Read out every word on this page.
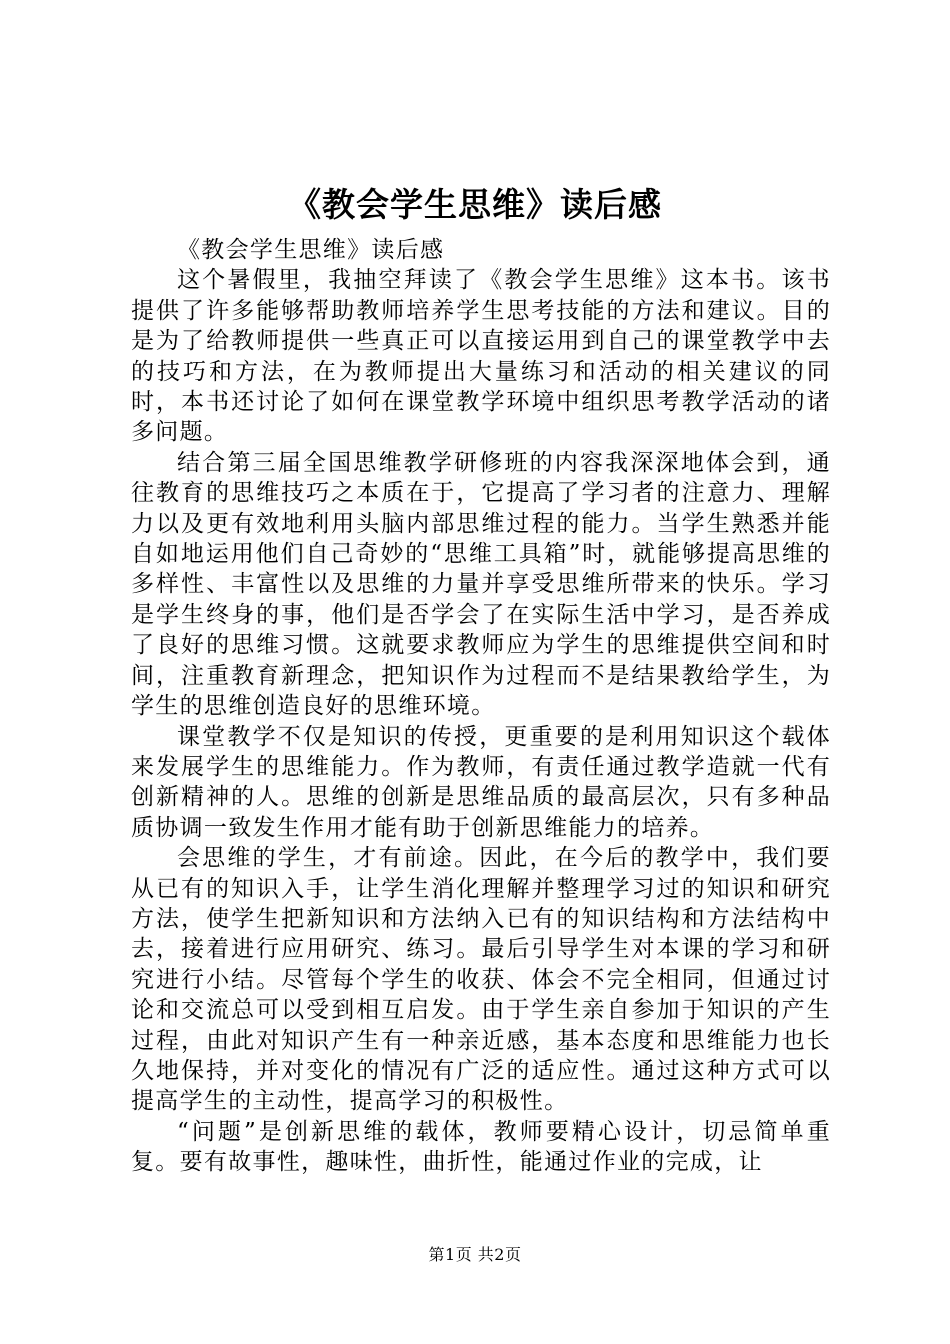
《教会学生思维》读后感

《教会学生思维》读后感

这个暑假里，我抽空拜读了《教会学生思维》这本书。该书提供了许多能够帮助教师培养学生思考技能的方法和建议。目的是为了给教师提供一些真正可以直接运用到自己的课堂教学中去的技巧和方法，在为教师提出大量练习和活动的相关建议的同时，本书还讨论了如何在课堂教学环境中组织思考教学活动的诸多问题。

结合第三届全国思维教学研修班的内容我深深地体会到，通往教育的思维技巧之本质在于，它提高了学习者的注意力、理解力以及更有效地利用头脑内部思维过程的能力。当学生熟悉并能自如地运用他们自己奇妙的“思维工具箱”时，就能够提高思维的多样性、丰富性以及思维的力量并享受思维所带来的快乐。学习是学生终身的事，他们是否学会了在实际生活中学习，是否养成了良好的思维习惯。这就要求教师应为学生的思维提供空间和时间，注重教育新理念，把知识作为过程而不是结果教给学生，为学生的思维创造良好的思维环境。

课堂教学不仅是知识的传授，更重要的是利用知识这个载体来发展学生的思维能力。作为教师，有责任通过教学造就一代有创新精神的人。思维的创新是思维品质的最高层次，只有多种品质协调一致发生作用才能有助于创新思维能力的培养。

会思维的学生，才有前途。因此，在今后的教学中，我们要从已有的知识入手，让学生消化理解并整理学习过的知识和研究方法，使学生把新知识和方法纳入已有的知识结构和方法结构中去，接着进行应用研究、练习。最后引导学生对本课的学习和研究进行小结。尽管每个学生的收获、体会不完全相同，但通过讨论和交流总可以受到相互启发。由于学生亲自参加于知识的产生过程，由此对知识产生有一种亲近感，基本态度和思维能力也长久地保持，并对变化的情况有广泛的适应性。通过这种方式可以提高学生的主动性，提高学习的积极性。

“问题”是创新思维的载体，教师要精心设计，切忌简单重复。要有故事性，趣味性，曲折性，能通过作业的完成，让

第1页 共2页
